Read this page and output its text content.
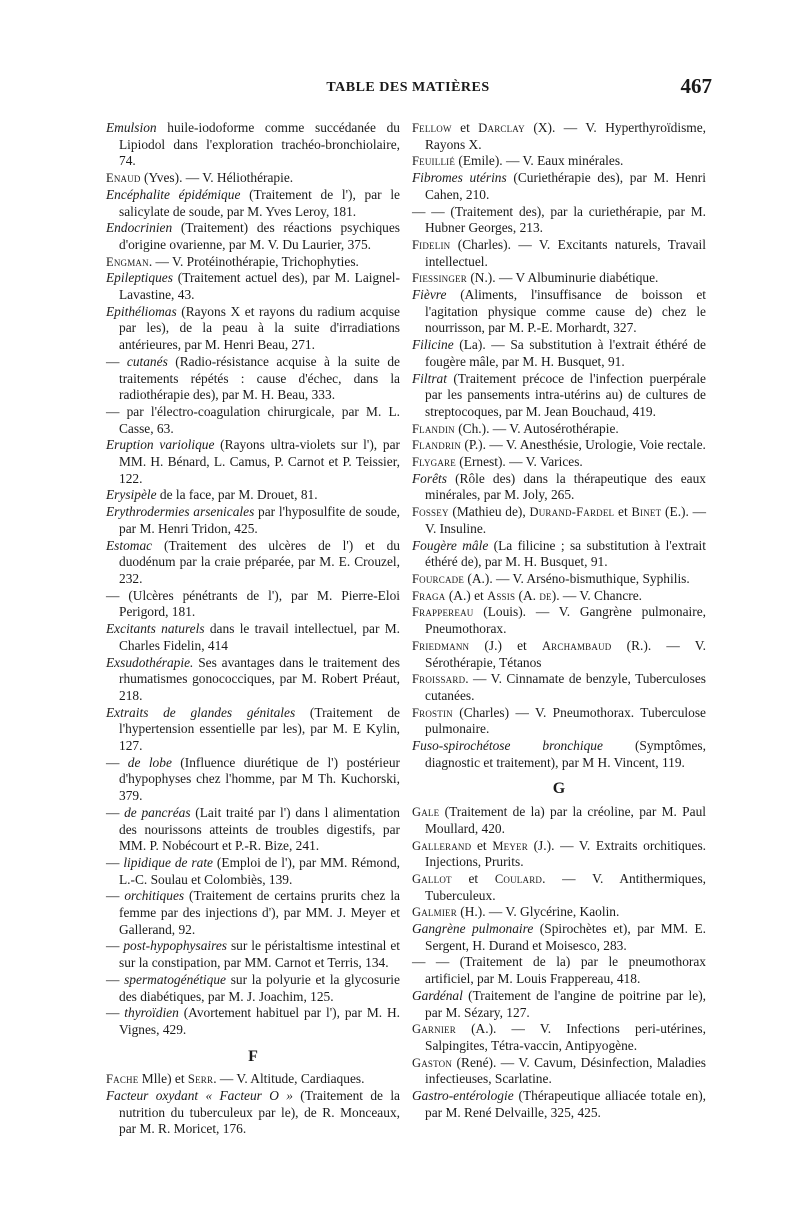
TABLE DES MATIÈRES	467

Emulsion huile-iodoforme comme succédanée du Lipiodol dans l'exploration trachéo-bronchiolaire, 74.

Enaud (Yves). — V. Héliothérapie.

Encéphalite épidémique (Traitement de l'), par le salicylate de soude, par M. Yves Leroy, 181.

Endocrinien (Traitement) des réactions psychiques d'origine ovarienne, par M. V. Du Laurier, 375.

Engman. — V. Protéinothérapie, Trichophyties.

Epileptiques (Traitement actuel des), par M. Laignel-Lavastine, 43.

Epithéliomas (Rayons X et rayons du radium acquise par les), de la peau à la suite d'irradiations antérieures, par M. Henri Beau, 271.

— cutanés (Radio-résistance acquise à la suite de traitements répétés : cause d'échec, dans la radiothérapie des), par M. H. Beau, 333.

— par l'électro-coagulation chirurgicale, par M. L. Casse, 63.

Eruption variolique (Rayons ultra-violets sur l'), par MM. H. Bénard, L. Camus, P. Carnot et P. Teissier, 122.

Erysipèle de la face, par M. Drouet, 81.

Erythrodermies arsenicales par l'hyposulfite de soude, par M. Henri Tridon, 425.

Estomac (Traitement des ulcères de l') et du duodénum par la craie préparée, par M. E. Crouzel, 232.

— (Ulcères pénétrants de l'), par M. Pierre-Eloi Perigord, 181.

Excitants naturels dans le travail intellectuel, par M. Charles Fidelin, 414

Exsudothérapie. Ses avantages dans le traitement des rhumatismes gonococciques, par M. Robert Préaut, 218.

Extraits de glandes génitales (Traitement de l'hypertension essentielle par les), par M. E Kylin, 127.

— de lobe (Influence diurétique de l') postérieur d'hypophyses chez l'homme, par M Th. Kuchorski, 379.

— de pancréas (Lait traité par l') dans l alimentation des nourissons atteints de troubles digestifs, par MM. P. Nobécourt et P.-R. Bize, 241.

— lipidique de rate (Emploi de l'), par MM. Rémond, L.-C. Soulau et Colombiès, 139.

— orchitiques (Traitement de certains prurits chez la femme par des injections d'), par MM. J. Meyer et Gallerand, 92.

— post-hypophysaires sur le péristaltisme intestinal et sur la constipation, par MM. Carnot et Terris, 134.

— spermatogénétique sur la polyurie et la glycosurie des diabétiques, par M. J. Joachim, 125.

— thyroïdien (Avortement habituel par l'), par M. H. Vignes, 429.

F

Fache Mlle) et Serr. — V. Altitude, Cardiaques.

Facteur oxydant « Facteur O » (Traitement de la nutrition du tuberculeux par le), de R. Monceaux, par M. R. Moricet, 176.

Fellow et Darclay (X). — V. Hyperthyroïdisme, Rayons X.

Feuillié (Emile). — V. Eaux minérales.

Fibromes utérins (Curiethérapie des), par M. Henri Cahen, 210.

— — (Traitement des), par la curiethérapie, par M. Hubner Georges, 213.

Fidelin (Charles). — V. Excitants naturels, Travail intellectuel.

Fiessinger (N.). — V Albuminurie diabétique.

Fièvre (Aliments, l'insuffisance de boisson et l'agitation physique comme cause de) chez le nourrisson, par M. P.-E. Morhardt, 327.

Filicine (La). — Sa substitution à l'extrait éthéré de fougère mâle, par M. H. Busquet, 91.

Filtrat (Traitement précoce de l'infection puerpérale par les pansements intra-utérins au) de cultures de streptocoques, par M. Jean Bouchaud, 419.

Flandin (Ch.). — V. Autosérothérapie.

Flandrin (P.). — V. Anesthésie, Urologie, Voie rectale.

Flygare (Ernest). — V. Varices.

Forêts (Rôle des) dans la thérapeutique des eaux minérales, par M. Joly, 265.

Fossey (Mathieu de), Durand-Fardel et Binet (E.). — V. Insuline.

Fougère mâle (La filicine ; sa substitution à l'extrait éthéré de), par M. H. Busquet, 91.

Fourcade (A.). — V. Arséno-bismuthique, Syphilis.

Fraga (A.) et Assis (A. de). — V. Chancre.

Frappereau (Louis). — V. Gangrène pulmonaire, Pneumothorax.

Friedmann (J.) et Archambaud (R.). — V. Sérothérapie, Tétanos

Froissard. — V. Cinnamate de benzyle, Tuberculoses cutanées.

Frostin (Charles) — V. Pneumothorax. Tuberculose pulmonaire.

Fuso-spirochétose bronchique (Symptômes, diagnostic et traitement), par M H. Vincent, 119.

G

Gale (Traitement de la) par la créoline, par M. Paul Moullard, 420.

Gallerand et Meyer (J.). — V. Extraits orchitiques. Injections, Prurits.

Gallot et Coulard. — V. Antithermiques, Tuberculeux.

Galmier (H.). — V. Glycérine, Kaolin.

Gangrène pulmonaire (Spirochètes et), par MM. E. Sergent, H. Durand et Moisesco, 283.

— — (Traitement de la) par le pneumothorax artificiel, par M. Louis Frappereau, 418.

Gardénal (Traitement de l'angine de poitrine par le), par M. Sézary, 127.

Garnier (A.). — V. Infections peri-utérines, Salpingites, Tétra-vaccin, Antipyogène.

Gaston (René). — V. Cavum, Désinfection, Maladies infectieuses, Scarlatine.

Gastro-entérologie (Thérapeutique alliacée totale en), par M. René Delvaille, 325, 425.
